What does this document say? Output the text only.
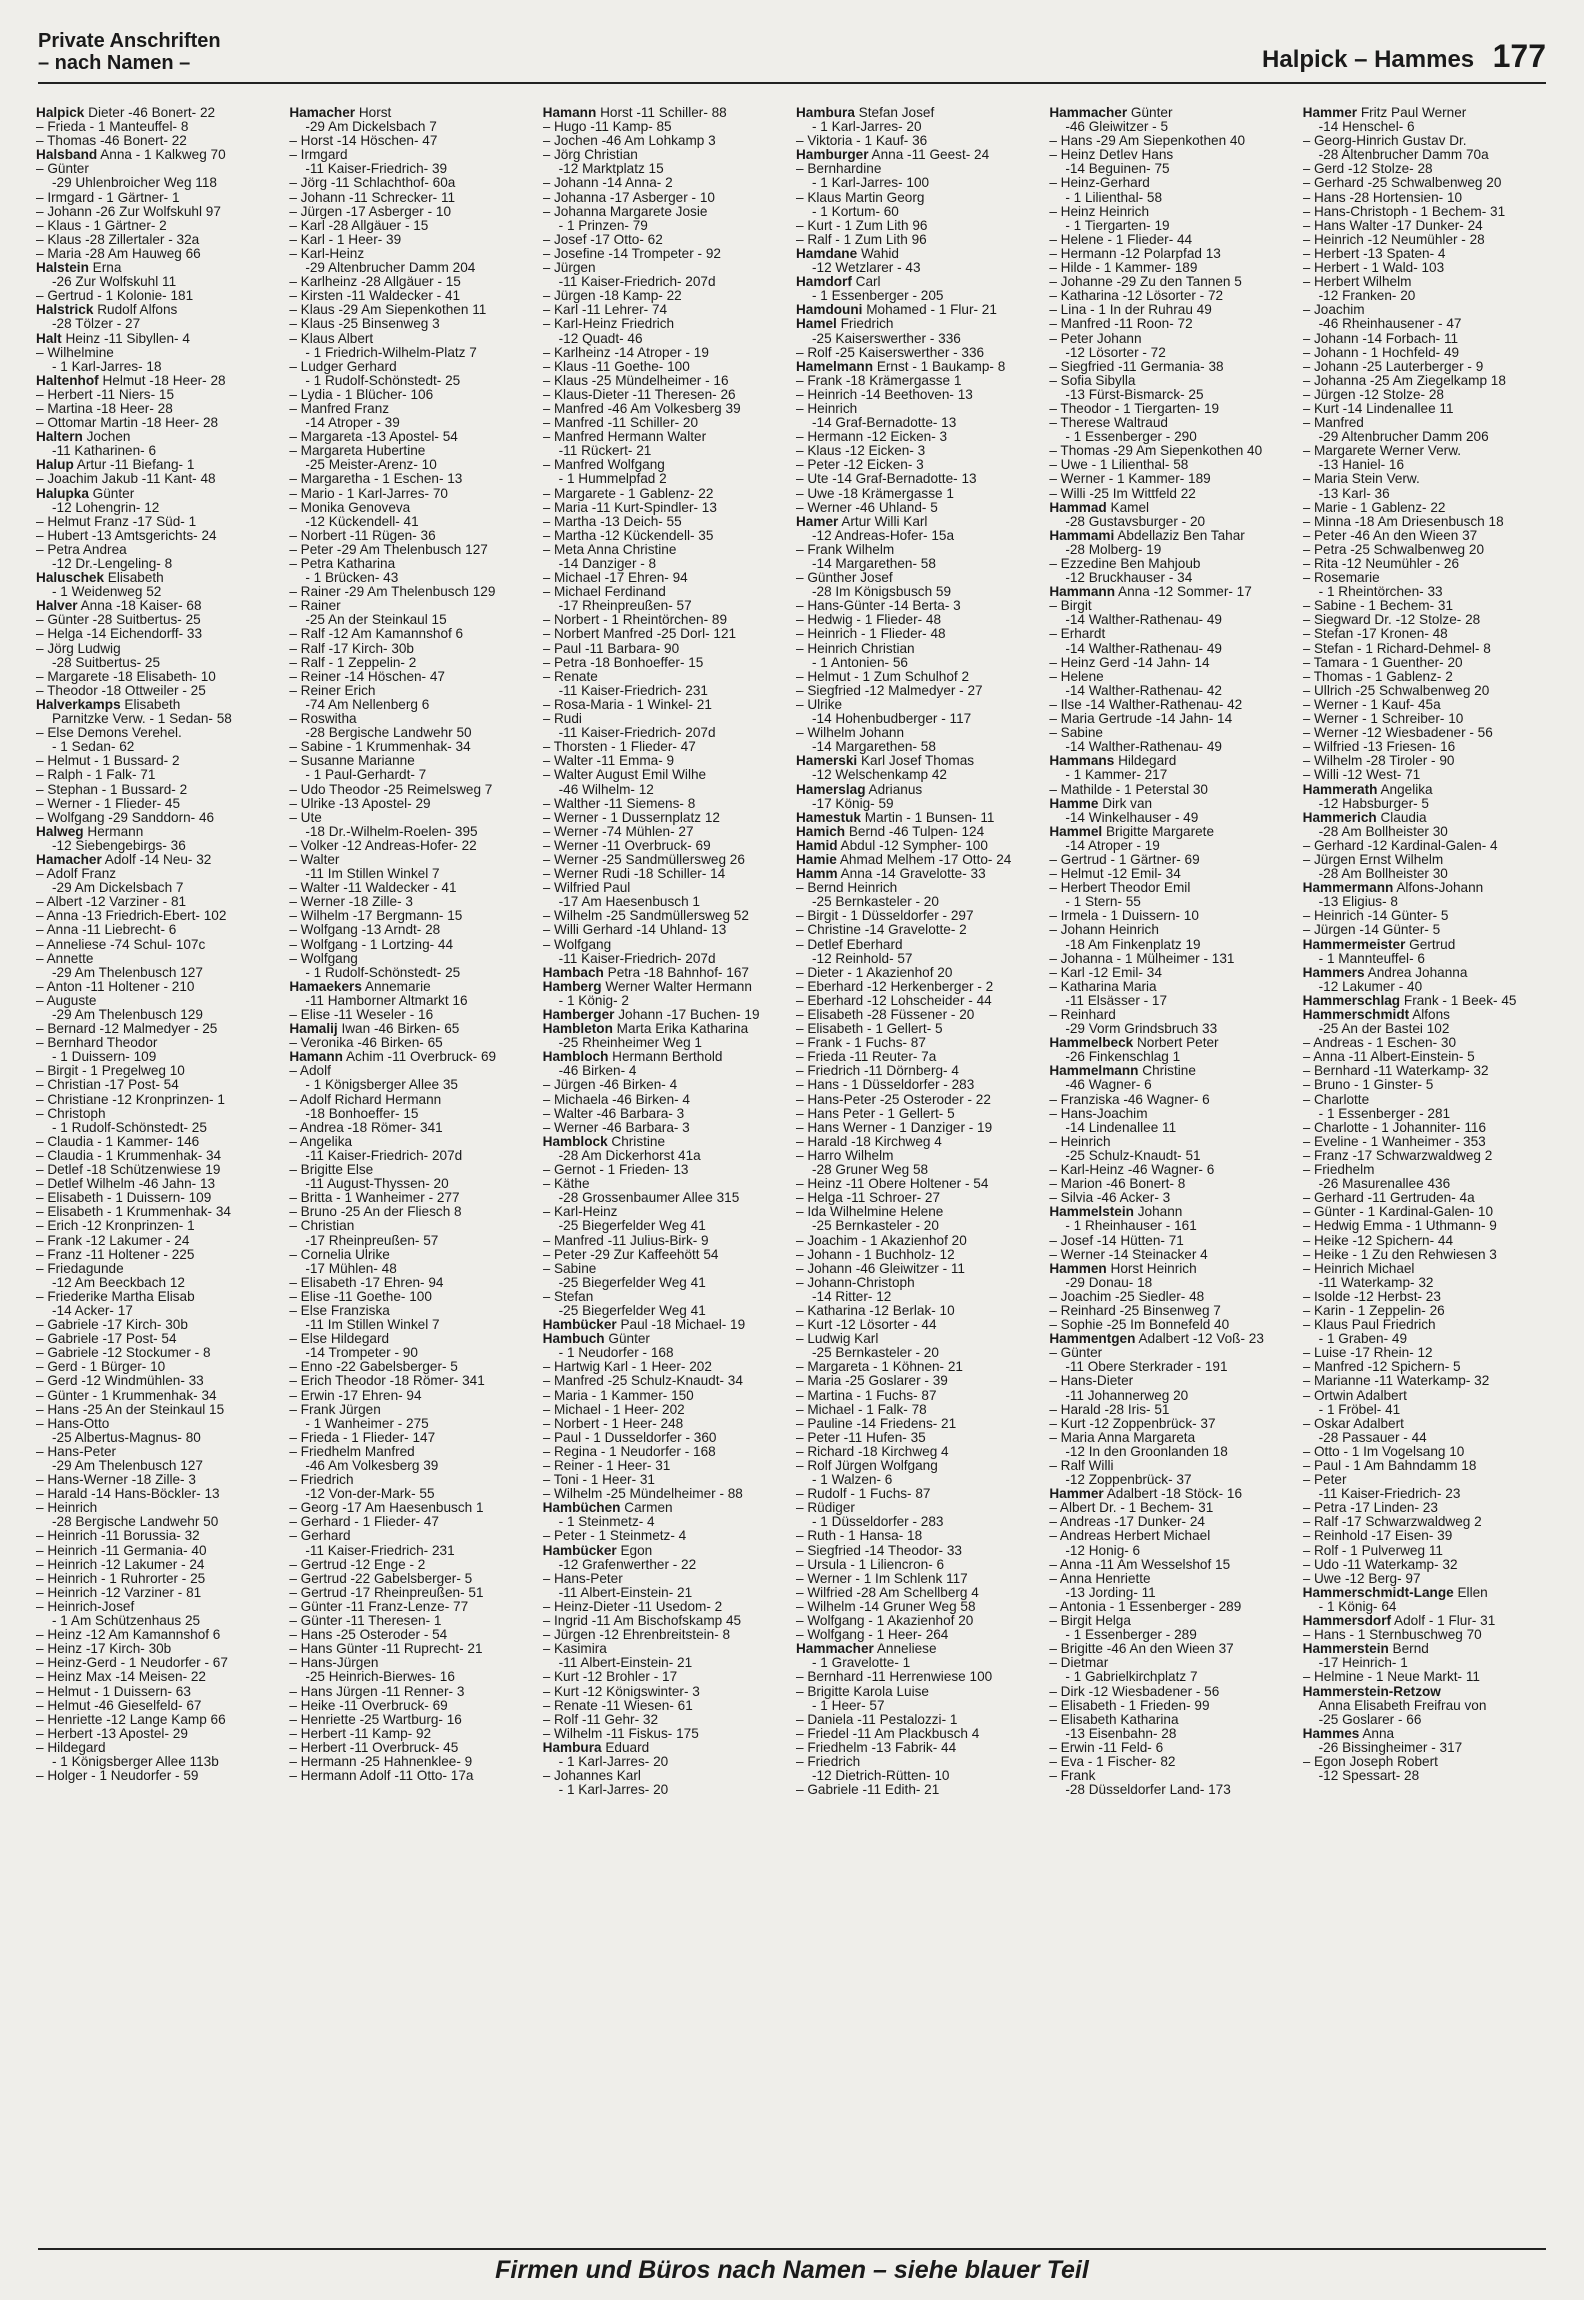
Private Anschriften
– nach Namen –	Halpick – Hammes 177
Halpick Dieter -46 Bonert- 22
– Frieda - 1 Manteuffel- 8
– Thomas -46 Bonert- 22
Halsband Anna - 1 Kalkweg 70
– Günter
-29 Uhlenbroicher Weg 118
– Irmgard - 1 Gärtner- 1
– Johann -26 Zur Wolfskuhl 97
– Klaus - 1 Gärtner- 2
– Klaus -28 Zillertaler - 32a
– Maria -28 Am Hauweg 66
Halstein Erna
-26 Zur Wolfskuhl 11
– Gertrud - 1 Kolonie- 181
Halstrick Rudolf Alfons
-28 Tölzer - 27
Halt Heinz -11 Sibyllen- 4
– Wilhelmine
- 1 Karl-Jarres- 18
Haltenhof Helmut -18 Heer- 28
– Herbert -11 Niers- 15
– Martina -18 Heer- 28
– Ottomar Martin -18 Heer- 28
Haltern Jochen
-11 Katharinen- 6
Halup Artur -11 Biefang- 1
– Joachim Jakub -11 Kant- 48
Halupka Günter
-12 Lohengrin- 12
– Helmut Franz -17 Süd- 1
– Hubert -13 Amtsgerichts- 24
– Petra Andrea
-12 Dr.-Lengeling- 8
Haluschek Elisabeth
- 1 Weidenweg 52
Halver Anna -18 Kaiser- 68
– Günter -28 Suitbertus- 25
– Helga -14 Eichendorff- 33
– Jörg Ludwig
-28 Suitbertus- 25
– Margarete -18 Elisabeth- 10
– Theodor -18 Ottweiler - 25
Halverkamps Elisabeth
Parnitzke Verw. - 1 Sedan- 58
– Else Demons Verehel.
- 1 Sedan- 62
– Helmut - 1 Bussard- 2
– Ralph - 1 Falk- 71
– Stephan - 1 Bussard- 2
– Werner - 1 Flieder- 45
– Wolfgang -29 Sanddorn- 46
Halweg Hermann
-12 Siebengebirgs- 36
Hamacher Adolf -14 Neu- 32
– Adolf Franz
-29 Am Dickelsbach 7
– Albert -12 Varziner - 81
– Anna -13 Friedrich-Ebert- 102
– Anna -11 Liebrecht- 6
– Anneliese -74 Schul- 107c
– Annette
-29 Am Thelenbusch 127
– Anton -11 Holtener - 210
– Auguste
-29 Am Thelenbusch 129
– Bernard -12 Malmedyer - 25
– Bernhard Theodor
- 1 Duissern- 109
– Birgit - 1 Pregelweg 10
– Christian -17 Post- 54
– Christiane -12 Kronprinzen- 1
– Christoph
- 1 Rudolf-Schönstedt- 25
– Claudia - 1 Kammer- 146
– Claudia - 1 Krummenhak- 34
– Detlef -18 Schützenwiese 19
– Detlef Wilhelm -46 Jahn- 13
– Elisabeth - 1 Duissern- 109
– Elisabeth - 1 Krummenhak- 34
– Erich -12 Kronprinzen- 1
– Frank -12 Lakumer - 24
– Franz -11 Holtener - 225
– Friedagunde
-12 Am Beeckbach 12
– Friederike Martha Elisab
-14 Acker- 17
– Gabriele -17 Kirch- 30b
– Gabriele -17 Post- 54
– Gabriele -12 Stockumer - 8
– Gerd - 1 Bürger- 10
– Gerd -12 Windmühlen- 33
– Günter - 1 Krummenhak- 34
– Hans -25 An der Steinkaul 15
– Hans-Otto
-25 Albertus-Magnus- 80
– Hans-Peter
-29 Am Thelenbusch 127
– Hans-Werner -18 Zille- 3
– Harald -14 Hans-Böckler- 13
– Heinrich
-28 Bergische Landwehr 50
– Heinrich -11 Borussia- 32
– Heinrich -11 Germania- 40
– Heinrich -12 Lakumer - 24
– Heinrich - 1 Ruhrorter - 25
– Heinrich -12 Varziner - 81
– Heinrich-Josef
- 1 Am Schützenhaus 25
– Heinz -12 Am Kamannshof 6
– Heinz -17 Kirch- 30b
– Heinz-Gerd - 1 Neudorfer - 67
– Heinz Max -14 Meisen- 22
– Helmut - 1 Duissern- 63
– Helmut -46 Gieselfeld- 67
– Henriette -12 Lange Kamp 66
– Herbert -13 Apostel- 29
– Hildegard
- 1 Königsberger Allee 113b
– Holger - 1 Neudorfer - 59
Hamacher Horst
-29 Am Dickelsbach 7
– Horst -14 Höschen- 47
– Irmgard
-11 Kaiser-Friedrich- 39
– Jörg -11 Schlachthof- 60a
– Johann -11 Schrecker- 11
– Jürgen -17 Asberger - 10
– Karl -28 Allgäuer - 15
– Karl - 1 Heer- 39
– Karl-Heinz
-29 Altenbrucher Damm 204
– Karlheinz -28 Allgäuer - 15
– Kirsten -11 Waldecker - 41
– Klaus -29 Am Siepenkothen 11
– Klaus -25 Binsenweg 3
– Klaus Albert
- 1 Friedrich-Wilhelm-Platz 7
– Ludger Gerhard
- 1 Rudolf-Schönstedt- 25
– Lydia - 1 Blücher- 106
– Manfred Franz
-14 Atroper - 39
– Margareta -13 Apostel- 54
– Margareta Hubertine
-25 Meister-Arenz- 10
– Margaretha - 1 Eschen- 13
– Mario - 1 Karl-Jarres- 70
– Monika Genoveva
-12 Kückendell- 41
– Norbert -11 Rügen- 36
– Peter -29 Am Thelenbusch 127
– Petra Katharina
- 1 Brücken- 43
– Rainer -29 Am Thelenbusch 129
– Rainer
-25 An der Steinkaul 15
– Ralf -12 Am Kamannshof 6
– Ralf -17 Kirch- 30b
– Ralf - 1 Zeppelin- 2
– Reiner -14 Höschen- 47
– Reiner Erich
-74 Am Nellenberg 6
– Roswitha
-28 Bergische Landwehr 50
– Sabine - 1 Krummenhak- 34
– Susanne Marianne
- 1 Paul-Gerhardt- 7
– Udo Theodor -25 Reimelsweg 7
– Ulrike -13 Apostel- 29
– Ute
-18 Dr.-Wilhelm-Roelen- 395
– Volker -12 Andreas-Hofer- 22
– Walter
-11 Im Stillen Winkel 7
– Walter -11 Waldecker - 41
– Werner -18 Zille- 3
– Wilhelm -17 Bergmann- 15
– Wolfgang -13 Arndt- 28
– Wolfgang - 1 Lortzing- 44
– Wolfgang
- 1 Rudolf-Schönstedt- 25
Hamaekers Annemarie
-11 Hamborner Altmarkt 16
– Elise -11 Weseler - 16
Hamalij Iwan -46 Birken- 65
– Veronika -46 Birken- 65
Hamann Achim -11 Overbruck- 69
– Adolf
- 1 Königsberger Allee 35
– Adolf Richard Hermann
-18 Bonhoeffer- 15
– Andrea -18 Römer- 341
– Angelika
-11 Kaiser-Friedrich- 207d
– Brigitte Else
-11 August-Thyssen- 20
– Britta - 1 Wanheimer - 277
– Bruno -25 An der Fliesch 8
– Christian
-17 Rheinpreußen- 57
– Cornelia Ulrike
-17 Mühlen- 48
– Elisabeth -17 Ehren- 94
– Elise -11 Goethe- 100
– Else Franziska
-11 Im Stillen Winkel 7
– Else Hildegard
-14 Trompeter - 90
– Enno -22 Gabelsberger- 5
– Erich Theodor -18 Römer- 341
– Erwin -17 Ehren- 94
– Frank Jürgen
- 1 Wanheimer - 275
– Frieda - 1 Flieder- 147
– Friedhelm Manfred
-46 Am Volkesberg 39
– Friedrich
-12 Von-der-Mark- 55
– Georg -17 Am Haesenbusch 1
– Gerhard - 1 Flieder- 47
– Gerhard
-11 Kaiser-Friedrich- 231
– Gertrud -12 Enge - 2
– Gertrud -22 Gabelsberger- 5
– Gertrud -17 Rheinpreußen- 51
– Günter -11 Franz-Lenze- 77
– Günter -11 Theresen- 1
– Hans -25 Osteroder - 54
– Hans Günter -11 Ruprecht- 21
– Hans-Jürgen
-25 Heinrich-Bierwes- 16
– Hans Jürgen -11 Renner- 3
– Heike -11 Overbruck- 69
– Henriette -25 Wartburg- 16
– Herbert -11 Kamp- 92
– Herbert -11 Overbruck- 45
– Hermann -25 Hahnenklee- 9
– Hermann Adolf -11 Otto- 17a
Hamann Horst -11 Schiller- 88
– Hugo -11 Kamp- 85
– Jochen -46 Am Lohkamp 3
– Jörg Christian
-12 Marktplatz 15
– Johann -14 Anna- 2
– Johanna -17 Asberger - 10
– Johanna Margarete Josie
- 1 Prinzen- 79
– Josef -17 Otto- 62
– Josefine -14 Trompeter - 92
– Jürgen
-11 Kaiser-Friedrich- 207d
– Jürgen -18 Kamp- 22
– Karl -11 Lehrer- 74
– Karl-Heinz Friedrich
-12 Quadt- 46
– Karlheinz -14 Atroper - 19
– Klaus -11 Goethe- 100
– Klaus -25 Mündelheimer - 16
– Klaus-Dieter -11 Theresen- 26
– Manfred -46 Am Volkesberg 39
– Manfred -11 Schiller- 20
– Manfred Hermann Walter
-11 Rückert- 21
– Manfred Wolfgang
- 1 Hummelpfad 2
– Margarete - 1 Gablenz- 22
– Maria -11 Kurt-Spindler- 13
– Martha -13 Deich- 55
– Martha -12 Kückendell- 35
– Meta Anna Christine
-14 Danziger - 8
– Michael -17 Ehren- 94
– Michael Ferdinand
-17 Rheinpreußen- 57
– Norbert - 1 Rheintörchen- 89
– Norbert Manfred -25 Dorl- 121
– Paul -11 Barbara- 90
– Petra -18 Bonhoeffer- 15
– Renate
-11 Kaiser-Friedrich- 231
– Rosa-Maria - 1 Winkel- 21
– Rudi
-11 Kaiser-Friedrich- 207d
– Thorsten - 1 Flieder- 47
– Walter -11 Emma- 9
– Walter August Emil Wilhe
-46 Wilhelm- 12
– Walther -11 Siemens- 8
– Werner - 1 Dussernplatz 12
– Werner -74 Mühlen- 27
– Werner -11 Overbruck- 69
– Werner -25 Sandmüllersweg 26
– Werner Rudi -18 Schiller- 14
– Wilfried Paul
-17 Am Haesenbusch 1
– Wilhelm -25 Sandmüllersweg 52
– Willi Gerhard -14 Uhland- 13
– Wolfgang
-11 Kaiser-Friedrich- 207d
Hambach Petra -18 Bahnhof- 167
Hamberg Werner Walter Hermann
- 1 König- 2
Hamberger Johann -17 Buchen- 19
Hambleton Marta Erika Katharina
-25 Rheinheimer Weg 1
Hambloch Hermann Berthold
-46 Birken- 4
– Jürgen -46 Birken- 4
– Michaela -46 Birken- 4
– Walter -46 Barbara- 3
– Werner -46 Barbara- 3
Hamblock Christine
-28 Am Dickerhorst 41a
– Gernot - 1 Frieden- 13
– Käthe
-28 Grossenbaumer Allee 315
– Karl-Heinz
-25 Biegerfelder Weg 41
– Manfred -11 Julius-Birk- 9
– Peter -29 Zur Kaffeehött 54
– Sabine
-25 Biegerfelder Weg 41
– Stefan
-25 Biegerfelder Weg 41
Hambücker Paul -18 Michael- 19
Hambuch Günter
- 1 Neudorfer - 168
– Hartwig Karl - 1 Heer- 202
– Manfred -25 Schulz-Knaudt- 34
– Maria - 1 Kammer- 150
– Michael - 1 Heer- 202
– Norbert - 1 Heer- 248
– Paul - 1 Dusseldorfer - 360
– Regina - 1 Neudorfer - 168
– Reiner - 1 Heer- 31
– Toni - 1 Heer- 31
– Wilhelm -25 Mündelheimer - 88
Hambüchen Carmen
- 1 Steinmetz- 4
– Peter - 1 Steinmetz- 4
Hambücker Egon
-12 Grafenwerther - 22
– Hans-Peter
-11 Albert-Einstein- 21
– Heinz-Dieter -11 Usedom- 2
– Ingrid -11 Am Bischofskamp 45
– Jürgen -12 Ehrenbreitstein- 8
– Kasimira
-11 Albert-Einstein- 21
– Kurt -12 Brohler - 17
– Kurt -12 Königswinter- 3
– Renate -11 Wiesen- 61
– Rolf -11 Gehr- 32
– Wilhelm -11 Fiskus- 175
Hambura Eduard
- 1 Karl-Jarres- 20
– Johannes Karl
- 1 Karl-Jarres- 20
Hambura Stefan Josef
- 1 Karl-Jarres- 20
– Viktoria - 1 Kauf- 36
Hamburger Anna -11 Geest- 24
– Bernhardine
- 1 Karl-Jarres- 100
– Klaus Martin Georg
- 1 Kortum- 60
– Kurt - 1 Zum Lith 96
– Ralf - 1 Zum Lith 96
Hamdane Wahid
-12 Wetzlarer - 43
Hamdorf Carl
- 1 Essenberger - 205
Hamdouni Mohamed - 1 Flur- 21
Hamel Friedrich
-25 Kaiserswerther - 336
– Rolf -25 Kaiserswerther - 336
Hamelmann Ernst - 1 Baukamp- 8
– Frank -18 Krämergasse 1
– Heinrich -14 Beethoven- 13
– Heinrich
-14 Graf-Bernadotte- 13
– Hermann -12 Eicken- 3
– Klaus -12 Eicken- 3
– Peter -12 Eicken- 3
– Ute -14 Graf-Bernadotte- 13
– Uwe -18 Krämergasse 1
– Werner -46 Uhland- 5
Hamer Artur Willi Karl
-12 Andreas-Hofer- 15a
– Frank Wilhelm
-14 Margarethen- 58
– Günther Josef
-28 Im Königsbusch 59
– Hans-Günter -14 Berta- 3
– Hedwig - 1 Flieder- 48
– Heinrich - 1 Flieder- 48
– Heinrich Christian
- 1 Antonien- 56
– Helmut - 1 Zum Schulhof 2
– Siegfried -12 Malmedyer - 27
– Ulrike
-14 Hohenbudberger - 117
– Wilhelm Johann
-14 Margarethen- 58
Hamerski Karl Josef Thomas
-12 Welschenkamp 42
Hamerslag Adrianus
-17 König- 59
Hamestuk Martin - 1 Bunsen- 11
Hamich Bernd -46 Tulpen- 124
Hamid Abdul -12 Sympher- 100
Hamie Ahmad Melhem -17 Otto- 24
Hamm Anna -14 Gravelotte- 33
– Bernd Heinrich
-25 Bernkasteler - 20
– Birgit - 1 Düsseldorfer - 297
– Christine -14 Gravelotte- 2
– Detlef Eberhard
-12 Reinhold- 57
– Dieter - 1 Akazienhof 20
– Eberhard -12 Herkenberger - 2
– Eberhard -12 Lohscheider - 44
– Elisabeth -28 Füssener - 20
– Elisabeth - 1 Gellert- 5
– Frank - 1 Fuchs- 87
– Frieda -11 Reuter- 7a
– Friedrich -11 Dörnberg- 4
– Hans - 1 Düsseldorfer - 283
– Hans-Peter -25 Osteroder - 22
– Hans Peter - 1 Gellert- 5
– Hans Werner - 1 Danziger - 19
– Harald -18 Kirchweg 4
– Harro Wilhelm
-28 Gruner Weg 58
– Heinz -11 Obere Holtener - 54
– Helga -11 Schroer- 27
– Ida Wilhelmine Helene
-25 Bernkasteler - 20
– Joachim - 1 Akazienhof 20
– Johann - 1 Buchholz- 12
– Johann -46 Gleiwitzer - 11
– Johann-Christoph
-14 Ritter- 12
– Katharina -12 Berlak- 10
– Kurt -12 Lösorter - 44
– Ludwig Karl
-25 Bernkasteler - 20
– Margareta - 1 Köhnen- 21
– Maria -25 Goslarer - 39
– Martina - 1 Fuchs- 87
– Michael - 1 Falk- 78
– Pauline -14 Friedens- 21
– Peter -11 Hufen- 35
– Richard -18 Kirchweg 4
– Rolf Jürgen Wolfgang
- 1 Walzen- 6
– Rudolf - 1 Fuchs- 87
– Rüdiger
- 1 Düsseldorfer - 283
– Ruth - 1 Hansa- 18
– Siegfried -14 Theodor- 33
– Ursula - 1 Liliencron- 6
– Werner - 1 Im Schlenk 117
– Wilfried -28 Am Schellberg 4
– Wilhelm -14 Gruner Weg 58
– Wolfgang - 1 Akazienhof 20
– Wolfgang - 1 Heer- 264
Hammacher Anneliese
- 1 Gravelotte- 1
– Bernhard -11 Herrenwiese 100
– Brigitte Karola Luise
- 1 Heer- 57
– Daniela -11 Pestalozzi- 1
– Friedel -11 Am Plackbusch 4
– Friedhelm -13 Fabrik- 44
– Friedrich
-12 Dietrich-Rütten- 10
– Gabriele -11 Edith- 21
Hammacher Günter
-46 Gleiwitzer - 5
– Hans -29 Am Siepenkothen 40
– Heinz Detlev Hans
-14 Beguinen- 75
– Heinz-Gerhard
- 1 Lilienthal- 58
– Heinz Heinrich
- 1 Tiergarten- 19
– Helene - 1 Flieder- 44
– Hermann -12 Polarpfad 13
– Hilde - 1 Kammer- 189
– Johanne -29 Zu den Tannen 5
– Katharina -12 Lösorter - 72
– Lina - 1 In der Ruhrau 49
– Manfred -11 Roon- 72
– Peter Johann
-12 Lösorter - 72
– Siegfried -11 Germania- 38
– Sofia Sibylla
-13 Fürst-Bismarck- 25
– Theodor - 1 Tiergarten- 19
– Therese Waltraud
- 1 Essenberger - 290
– Thomas -29 Am Siepenkothen 40
– Uwe - 1 Lilienthal- 58
– Werner - 1 Kammer- 189
– Willi -25 Im Wittfeld 22
Hammad Kamel
-28 Gustavsburger - 20
Hammami Abdellaziz Ben Tahar
-28 Molberg- 19
– Ezzedine Ben Mahjoub
-12 Bruckhauser - 34
Hammann Anna -12 Sommer- 17
– Birgit
-14 Walther-Rathenau- 49
– Erhardt
-14 Walther-Rathenau- 49
– Heinz Gerd -14 Jahn- 14
– Helene
-14 Walther-Rathenau- 42
– Ilse -14 Walther-Rathenau- 42
– Maria Gertrude -14 Jahn- 14
– Sabine
-14 Walther-Rathenau- 49
Hammans Hildegard
- 1 Kammer- 217
– Mathilde - 1 Peterstal 30
Hamme Dirk van
-14 Winkelhauser - 49
Hammel Brigitte Margarete
-14 Atroper - 19
– Gertrud - 1 Gärtner- 69
– Helmut -12 Emil- 34
– Herbert Theodor Emil
- 1 Stern- 55
– Irmela - 1 Duissern- 10
– Johann Heinrich
-18 Am Finkenplatz 19
– Johanna - 1 Mülheimer - 131
– Karl -12 Emil- 34
– Katharina Maria
-11 Elsässer - 17
– Reinhard
-29 Vorm Grindsbruch 33
Hammelbeck Norbert Peter
-26 Finkenschlag 1
Hammelmann Christine
-46 Wagner- 6
– Franziska -46 Wagner- 6
– Hans-Joachim
-14 Lindenallee 11
– Heinrich
-25 Schulz-Knaudt- 51
– Karl-Heinz -46 Wagner- 6
– Marion -46 Bonert- 8
– Silvia -46 Acker- 3
Hammelstein Johann
- 1 Rheinhauser - 161
– Josef -14 Hütten- 71
– Werner -14 Steinacker 4
Hammen Horst Heinrich
-29 Donau- 18
– Joachim -25 Siedler- 48
– Reinhard -25 Binsenweg 7
– Sophie -25 Im Bonnefeld 40
Hammentgen Adalbert -12 Voß- 23
– Günter
-11 Obere Sterkrader - 191
– Hans-Dieter
-11 Johannerweg 20
– Harald -28 Iris- 51
– Kurt -12 Zoppenbrück- 37
– Maria Anna Margareta
-12 In den Groonlanden 18
– Ralf Willi
-12 Zoppenbrück- 37
Hammer Adalbert -18 Stöck- 16
– Albert Dr. - 1 Bechem- 31
– Andreas -17 Dunker- 24
– Andreas Herbert Michael
-12 Honig- 6
– Anna -11 Am Wesselshof 15
– Anna Henriette
-13 Jording- 11
– Antonia - 1 Essenberger - 289
– Birgit Helga
- 1 Essenberger - 289
– Brigitte -46 An den Wieen 37
– Dietmar
- 1 Gabrielkirchplatz 7
– Dirk -12 Wiesbadener - 56
– Elisabeth - 1 Frieden- 99
– Elisabeth Katharina
-13 Eisenbahn- 28
– Erwin -11 Feld- 6
– Eva - 1 Fischer- 82
– Frank
-28 Düsseldorfer Land- 173
Hammer Fritz Paul Werner
-14 Henschel- 6
– Georg-Hinrich Gustav Dr.
-28 Altenbrucher Damm 70a
– Gerd -12 Stolze- 28
– Gerhard -25 Schwalbenweg 20
– Hans -28 Hortensien- 10
– Hans-Christoph - 1 Bechem- 31
– Hans Walter -17 Dunker- 24
– Heinrich -12 Neumühler - 28
– Herbert -13 Spaten- 4
– Herbert - 1 Wald- 103
– Herbert Wilhelm
-12 Franken- 20
– Joachim
-46 Rheinhausener - 47
– Johann -14 Forbach- 11
– Johann - 1 Hochfeld- 49
– Johann -25 Lauterberger - 9
– Johanna -25 Am Ziegelkamp 18
– Jürgen -12 Stolze- 28
– Kurt -14 Lindenallee 11
– Manfred
-29 Altenbrucher Damm 206
– Margarete Werner Verw.
-13 Haniel- 16
– Maria Stein Verw.
-13 Karl- 36
– Marie - 1 Gablenz- 22
– Minna -18 Am Driesenbusch 18
– Peter -46 An den Wieen 37
– Petra -25 Schwalbenweg 20
– Rita -12 Neumühler - 26
– Rosemarie
- 1 Rheintörchen- 33
– Sabine - 1 Bechem- 31
– Siegward Dr. -12 Stolze- 28
– Stefan -17 Kronen- 48
– Stefan - 1 Richard-Dehmel- 8
– Tamara - 1 Guenther- 20
– Thomas - 1 Gablenz- 2
– Ullrich -25 Schwalbenweg 20
– Werner - 1 Kauf- 45a
– Werner - 1 Schreiber- 10
– Werner -12 Wiesbadener - 56
– Wilfried -13 Friesen- 16
– Wilhelm -28 Tiroler - 90
– Willi -12 West- 71
Hammerath Angelika
-12 Habsburger- 5
Hammerich Claudia
-28 Am Bollheister 30
– Gerhard -12 Kardinal-Galen- 4
– Jürgen Ernst Wilhelm
-28 Am Bollheister 30
Hammermann Alfons-Johann
-13 Eligius- 8
– Heinrich -14 Günter- 5
– Jürgen -14 Günter- 5
Hammermeister Gertrud
- 1 Mannteuffel- 6
Hammers Andrea Johanna
-12 Lakumer - 40
Hammerschlag Frank - 1 Beek- 45
Hammerschmidt Alfons
-25 An der Bastei 102
– Andreas - 1 Eschen- 30
– Anna -11 Albert-Einstein- 5
– Bernhard -11 Waterkamp- 32
– Bruno - 1 Ginster- 5
– Charlotte
- 1 Essenberger - 281
– Charlotte - 1 Johanniter- 116
– Eveline - 1 Wanheimer - 353
– Franz -17 Schwarzwaldweg 2
– Friedhelm
-26 Masurenallee 436
– Gerhard -11 Gertruden- 4a
– Günter - 1 Kardinal-Galen- 10
– Hedwig Emma - 1 Uthmann- 9
– Heike -12 Spichern- 44
– Heike - 1 Zu den Rehwiesen 3
– Heinrich Michael
-11 Waterkamp- 32
– Isolde -12 Herbst- 23
– Karin - 1 Zeppelin- 26
– Klaus Paul Friedrich
- 1 Graben- 49
– Luise -17 Rhein- 12
– Manfred -12 Spichern- 5
– Marianne -11 Waterkamp- 32
– Ortwin Adalbert
- 1 Fröbel- 41
– Oskar Adalbert
-28 Passauer - 44
– Otto - 1 Im Vogelsang 10
– Paul - 1 Am Bahndamm 18
– Peter
-11 Kaiser-Friedrich- 23
– Petra -17 Linden- 23
– Ralf -17 Schwarzwaldweg 2
– Reinhold -17 Eisen- 39
– Rolf - 1 Pulverweg 11
– Udo -11 Waterkamp- 32
– Uwe -12 Berg- 97
Hammerschmidt-Lange Ellen
- 1 König- 64
Hammersdorf Adolf - 1 Flur- 31
– Hans - 1 Sternbuschweg 70
Hammerstein Bernd
-17 Heinrich- 1
– Helmine - 1 Neue Markt- 11
Hammerstein-Retzow
Anna Elisabeth Freifrau von
-25 Goslarer - 66
Hammes Anna
-26 Bissingheimer - 317
– Egon Joseph Robert
-12 Spessart- 28
Firmen und Büros nach Namen – siehe blauer Teil
